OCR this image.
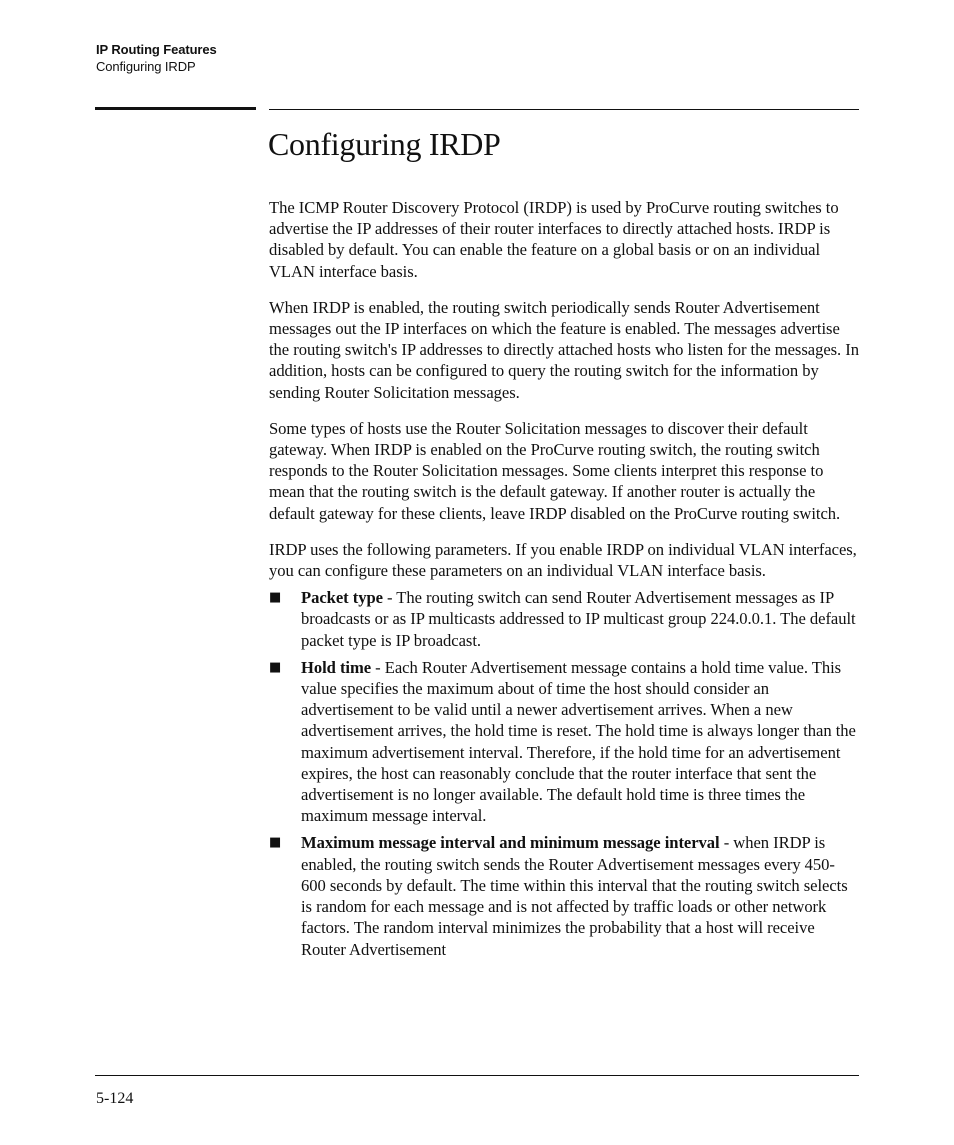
IP Routing Features
Configuring IRDP
Configuring IRDP

The ICMP Router Discovery Protocol (IRDP) is used by ProCurve routing switches to advertise the IP addresses of their router interfaces to directly attached hosts. IRDP is disabled by default. You can enable the feature on a global basis or on an individual VLAN interface basis.

When IRDP is enabled, the routing switch periodically sends Router Advertisement messages out the IP interfaces on which the feature is enabled. The messages advertise the routing switch's IP addresses to directly attached hosts who listen for the messages. In addition, hosts can be configured to query the routing switch for the information by sending Router Solicitation messages.

Some types of hosts use the Router Solicitation messages to discover their default gateway. When IRDP is enabled on the ProCurve routing switch, the routing switch responds to the Router Solicitation messages. Some clients interpret this response to mean that the routing switch is the default gateway. If another router is actually the default gateway for these clients, leave IRDP disabled on the ProCurve routing switch.

IRDP uses the following parameters. If you enable IRDP on individual VLAN interfaces, you can configure these parameters on an individual VLAN interface basis.

■ Packet type - The routing switch can send Router Advertisement messages as IP broadcasts or as IP multicasts addressed to IP multicast group 224.0.0.1. The default packet type is IP broadcast.
■ Hold time - Each Router Advertisement message contains a hold time value. This value specifies the maximum about of time the host should consider an advertisement to be valid until a newer advertisement arrives. When a new advertisement arrives, the hold time is reset. The hold time is always longer than the maximum advertisement interval. Therefore, if the hold time for an advertisement expires, the host can reasonably conclude that the router interface that sent the advertisement is no longer available. The default hold time is three times the maximum message interval.
■ Maximum message interval and minimum message interval - when IRDP is enabled, the routing switch sends the Router Advertisement messages every 450-600 seconds by default. The time within this interval that the routing switch selects is random for each message and is not affected by traffic loads or other network factors. The random interval minimizes the probability that a host will receive Router Advertisement
5-124
